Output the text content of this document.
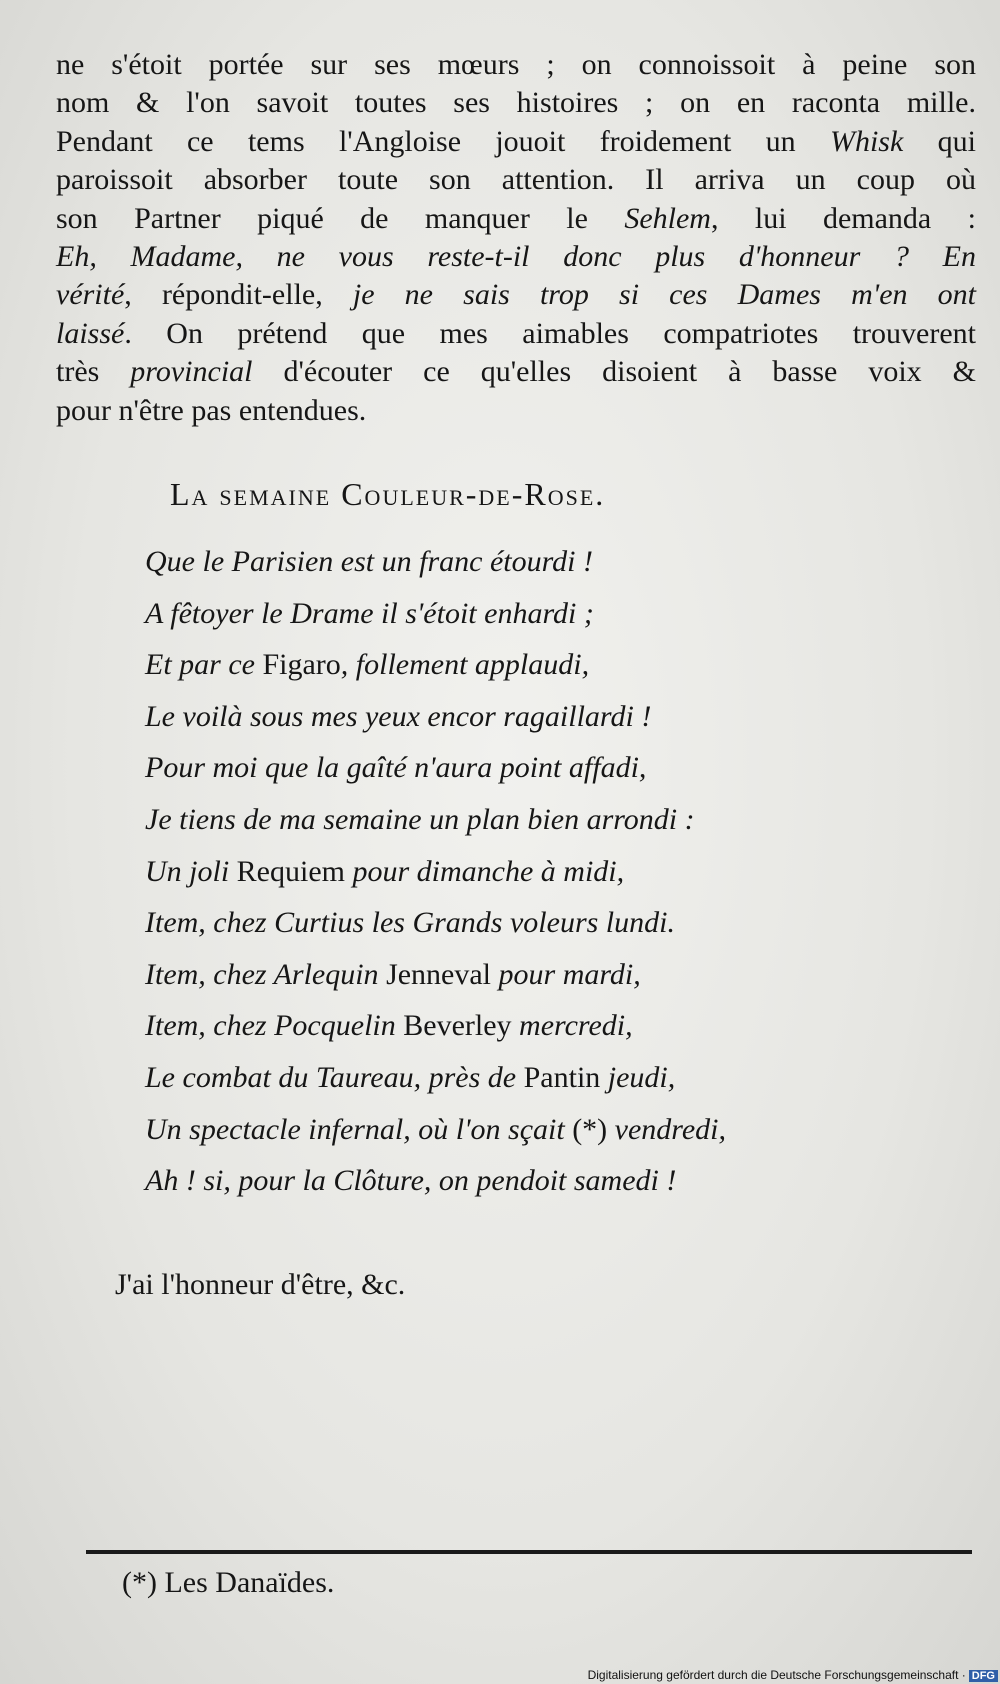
ne s'étoit portée sur ses mœurs ; on connoissoit à peine son
nom & l'on savoit toutes ses histoires ; on en raconta mille.
Pendant ce tems l'Angloise jouoit froidement un Whisk qui
paroissoit absorber toute son attention. Il arriva un coup où
son Partner piqué de manquer le Sehlem, lui demanda :
Eh, Madame, ne vous reste-t-il donc plus d'honneur ? En
vérité, répondit-elle, je ne sais trop si ces Dames m'en ont
laissé. On prétend que mes aimables compatriotes trouverent
très provincial d'écouter ce qu'elles disoient à basse voix &
pour n'être pas entendues.
La semaine Couleur-de-Rose.
Que le Parisien est un franc étourdi !
A fêtoyer le Drame il s'étoit enhardi ;
Et par ce Figaro, follement applaudi,
Le voilà sous mes yeux encor ragaillardi !
Pour moi que la gaîté n'aura point affadi,
Je tiens de ma semaine un plan bien arrondi :
Un joli Requiem pour dimanche à midi,
Item, chez Curtius les Grands voleurs lundi.
Item, chez Arlequin Jenneval pour mardi,
Item, chez Pocquelin Beverley mercredi,
Le combat du Taureau, près de Pantin jeudi,
Un spectacle infernal, où l'on sçait (*) vendredi,
Ah ! si, pour la Clôture, on pendoit samedi !
J'ai l'honneur d'être, &c.
(*) Les Danaïdes.
Digitalisierung gefördert durch die Deutsche Forschungsgemeinschaft · DFG
